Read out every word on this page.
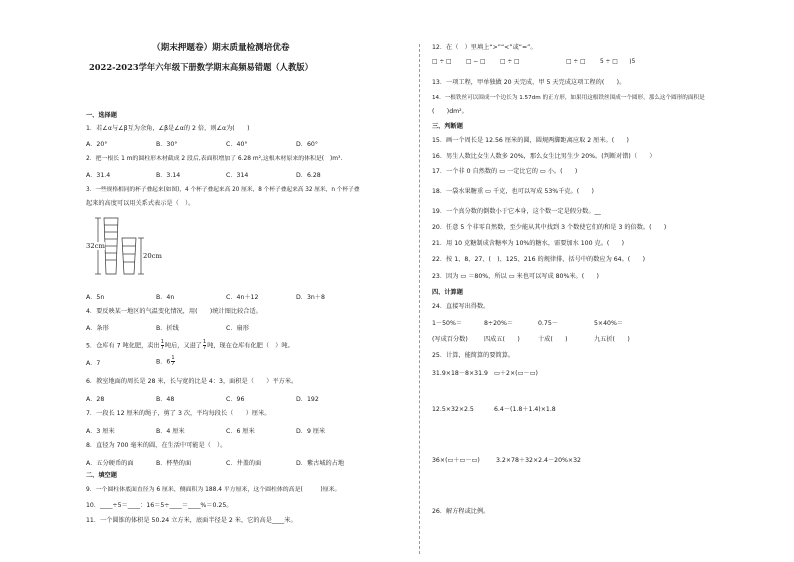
（期末押题卷）期末质量检测培优卷
2022-2023学年六年级下册数学期末高频易错题（人教版）
一、选择题
1．若∠α与∠β互为余角，∠β是∠α的 2 倍，则∠α为(　　)
A．20°	B．30°	C．40°	D．60°
2．把一根长 1 m的圆柱形木材截成 2 段后,表面积增加了 6.28 m²,这根木材原来的体积是(　)m³.
A．31.4	B．3.14	C．314	D．6.28
3．一些规格相同的杯子叠起来(如图)，4 个杯子叠起来高 20 厘米，8 个杯子叠起来高 32 厘米，n 个杯子叠
起来的高度可以用关系式表示是（　）。
32cm
20cm
A．5n	B．4n	C．4n＋12	D．3n＋8
4．要反映某一地区的气温变化情况，用(　　)统计图比较合适。
A．条形	B．折线	C．扇形
5．仓库有 7 吨化肥，卖出 $\frac{1}{7}$ 吨后，又进了 $\frac{1}{7}$ 吨，现在仓库有化肥（　）吨。
A．7	B．$6 \frac{1}{7}$
6．教室地面的周长是 28 米，长与宽的比是 4：3，面积是（　　）平方米。
A．28	B．48	C．96	D．192
7．一段长 12 厘米的绳子，剪了 3 次，平均每段长（　　）厘米。
A．3 厘米	B．4 厘米	C．6 厘米	D．9 厘米
8．直径为 700 毫米的圆，在生活中可能是（　）。
A．五分硬币的面	B．杯垫的面	C．井盖的面	D．紫古城的占地
二、填空题
9．一个圆柱体底面直径为 6 厘米，侧面积为 188.4 平方厘米，这个圆柱体的高是(　　　)厘米。
10．____÷5＝____：16＝5÷____＝____%＝0.25。
11．一个圆锥的体积是 50.24 立方米，底面半径是 2 米，它的高是____米。
12．在（　）里填上“>”“<”或“=”。
□ ÷ □	□ − □	□ ÷ □	□ ÷ □	5 ÷ □　　)5
13．一项工程，甲单独做 20 天完成，甲 5 天完成这项工程的(　　)。
14．一根铁丝可以围成一个边长为 1.57dm 的正方形，如果用这根铁丝围成一个圆形，那么这个圆形的面积是
(　　)dm²。
三、判断题
15．画一个周长是 12.56 厘米的圆，圆规两脚距离应取 2 厘米。(　　)
16．男生人数比女生人数多 20%，那么女生比男生少 20%。(判断对错)（　　）
17．一个非 0 自然数的 ▭ 一定比它的 ▭ 小。(　　)
18．一袋水果糖重 ▭ 千克，也可以写成 53%千克。(　　)
19．一个真分数的倒数小于它本身，这个数一定是假分数。__
20．任意 5 个非零自然数，至少能从其中找到 3 个数使它们的和是 3 的倍数。(　　)
21．用 10 克糖制成含糖率为 10%的糖水，需要加水 100 克。(　　)
22．按 1、8、27、(　)、125、216 的规律排，括号中的数应为 64。(　　)
23．因为 ▭ ＝80%，所以 ▭ 米也可以写成 80%米。(　　)
四、计算题
24．直接写出得数。
1－50%＝	8÷20%＝	0.75－	5×40%＝
(写成百分数)	四成五(　　)	十成(　　)	九五折(　　)
25．计算，能简算的要简算。
31.9×18－8×31.9 ▭＋2×(▭－▭)
12.5×32×2.5	6.4－(1.8＋1.4)×1.8
36×(▭＋▭－▭)	3.2×78＋32×2.4－20%×32
26．解方程或比例。
